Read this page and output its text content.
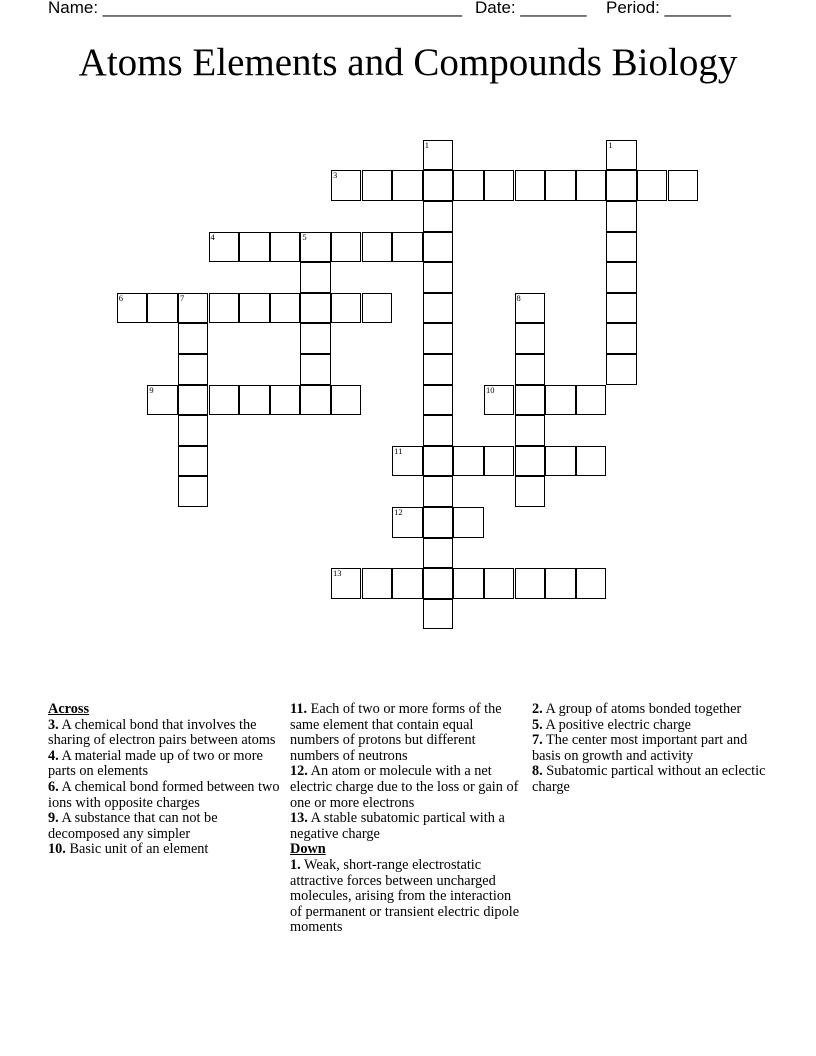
Name: ______________________________________

Date: _______

Period: _______

Atoms Elements and Compounds Biology
1	1
3
4	5
6	7	8
9	10
11
12
13

Across

3. A chemical bond that involves the sharing of electron pairs between atoms

4. A material made up of two or more parts on elements

6. A chemical bond formed between two ions with opposite charges

9. A substance that can not be decomposed any simpler

10. Basic unit of an element

11. Each of two or more forms of the same element that contain equal numbers of protons but different numbers of neutrons

12. An atom or molecule with a net electric charge due to the loss or gain of one or more electrons

13. A stable subatomic partical with a negative charge

Down

1. Weak, short-range electrostatic attractive forces between uncharged molecules, arising from the interaction of permanent or transient electric dipole moments

2. A group of atoms bonded together

5. A positive electric charge

7. The center most important part and basis on growth and activity

8. Subatomic partical without an eclectic charge
